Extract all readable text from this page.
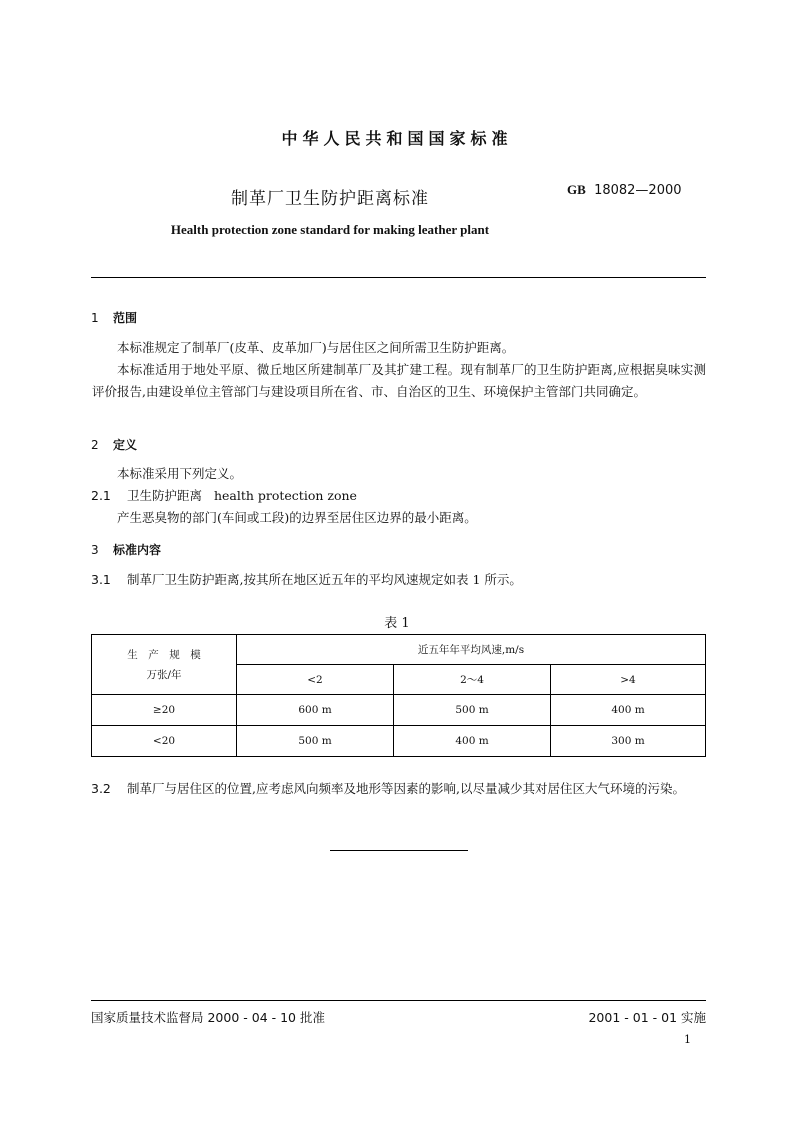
中华人民共和国国家标准
制革厂卫生防护距离标准	GB 18082—2000
Health protection zone standard for making leather plant
1 范围

本标准规定了制革厂(皮革、皮革加厂)与居住区之间所需卫生防护距离。

本标准适用于地处平原、微丘地区所建制革厂及其扩建工程。现有制革厂的卫生防护距离,应根据臭味实测评价报告,由建设单位主管部门与建设项目所在省、市、自治区的卫生、环境保护主管部门共同确定。

2 定义
本标准采用下列定义。
2.1 卫生防护距离 health protection zone
产生恶臭物的部门(车间或工段)的边界至居住区边界的最小距离。
3 标准内容
3.1 制革厂卫生防护距离,按其所在地区近五年的平均风速规定如表 1 所示。
表 1
生　产　规　模
万张/年	近五年年平均风速,m/s		
	<2	2～4	>4
≥20	600 m	500 m	400 m
<20	500 m	400 m	300 m

3.2 制革厂与居住区的位置,应考虑风向频率及地形等因素的影响,以尽量减少其对居住区大气环境的污染。

国家质量技术监督局 2000 - 04 - 10 批准	2001 - 01 - 01 实施
1
